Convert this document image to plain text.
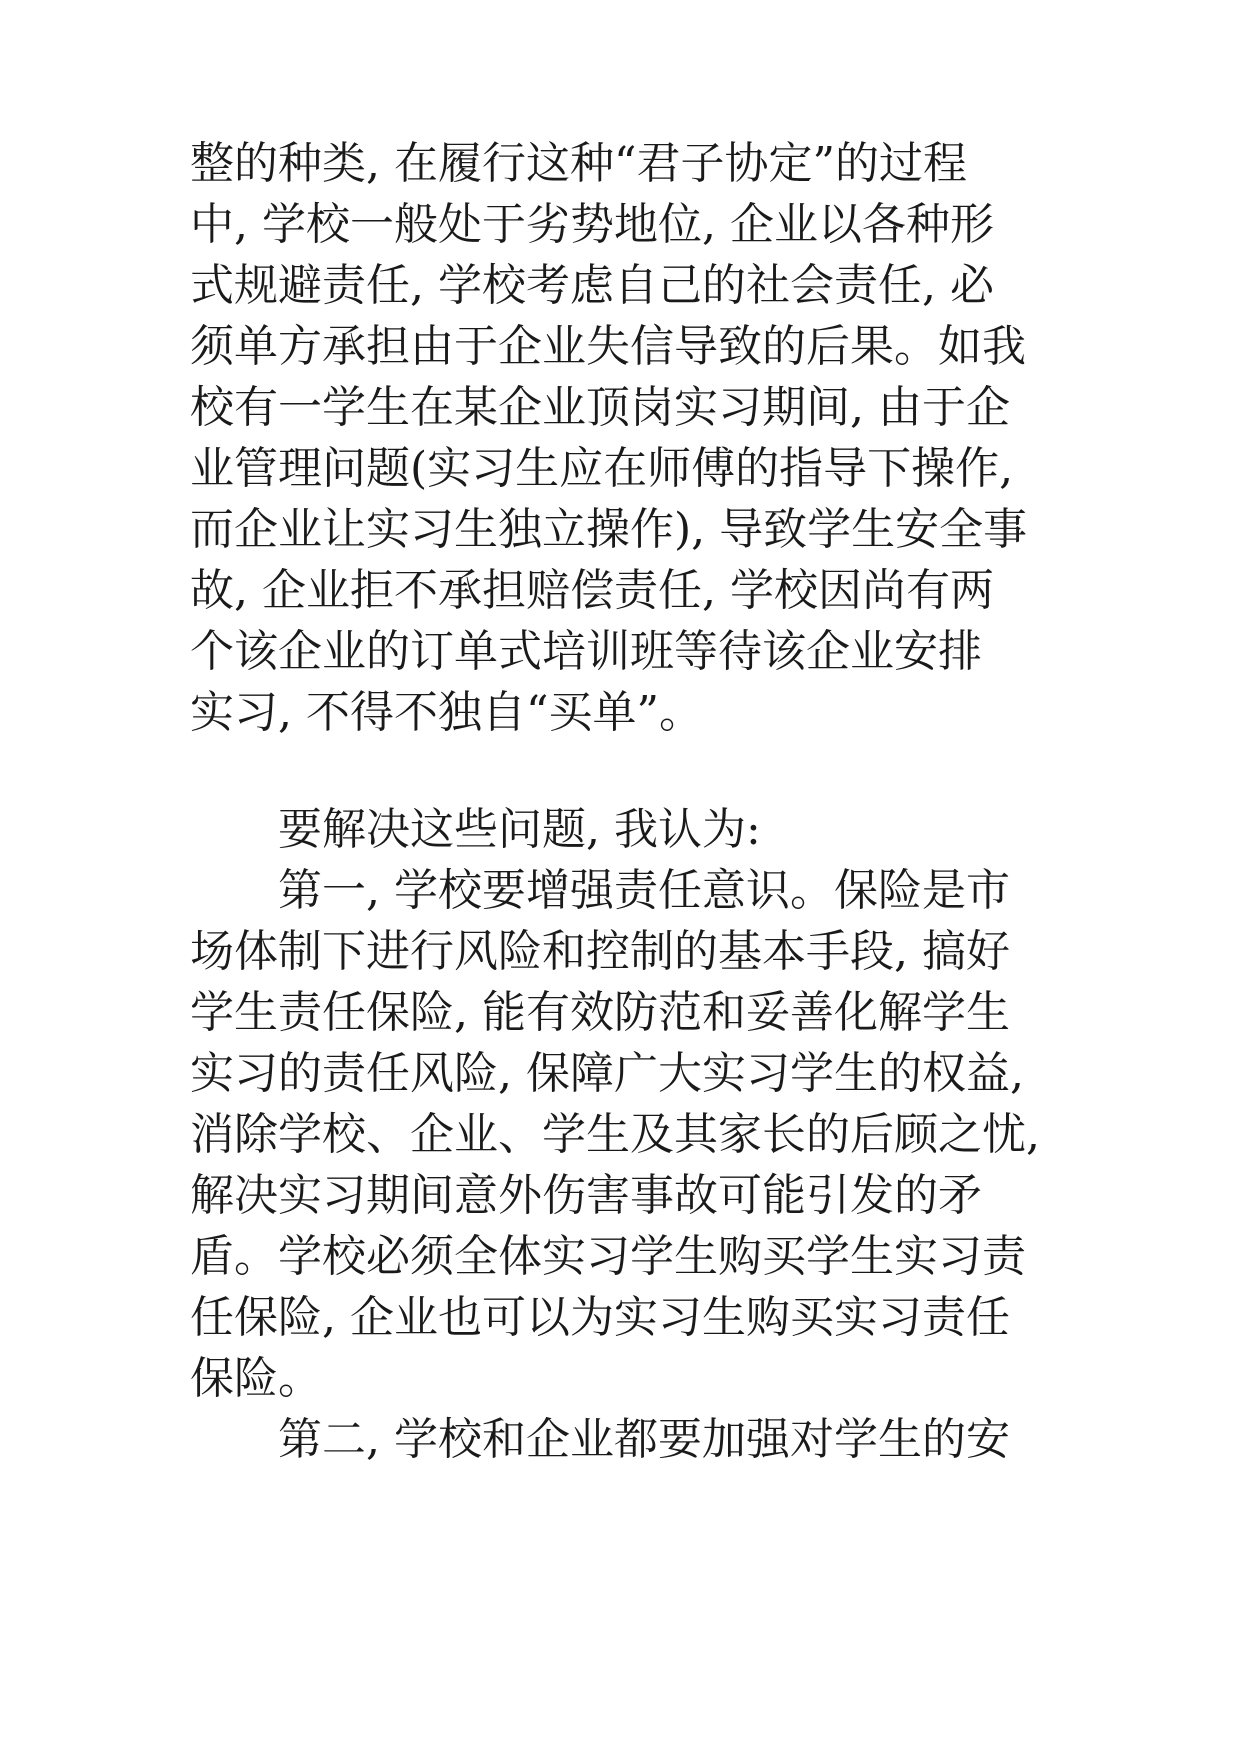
整的种类, 在履行这种“君子协定”的过程

中, 学校一般处于劣势地位, 企业以各种形

式规避责任, 学校考虑自己的社会责任, 必

须单方承担由于企业失信导致的后果。如我

校有一学生在某企业顶岗实习期间, 由于企

业管理问题(实习生应在师傅的指导下操作,

而企业让实习生独立操作), 导致学生安全事

故, 企业拒不承担赔偿责任, 学校因尚有两

个该企业的订单式培训班等待该企业安排

实习, 不得不独自“买单”。

要解决这些问题, 我认为:

第一, 学校要增强责任意识。保险是市

场体制下进行风险和控制的基本手段, 搞好

学生责任保险, 能有效防范和妥善化解学生

实习的责任风险, 保障广大实习学生的权益,

消除学校、企业、学生及其家长的后顾之忧,

解决实习期间意外伤害事故可能引发的矛

盾。学校必须全体实习学生购买学生实习责

任保险, 企业也可以为实习生购买实习责任

保险。

第二, 学校和企业都要加强对学生的安
